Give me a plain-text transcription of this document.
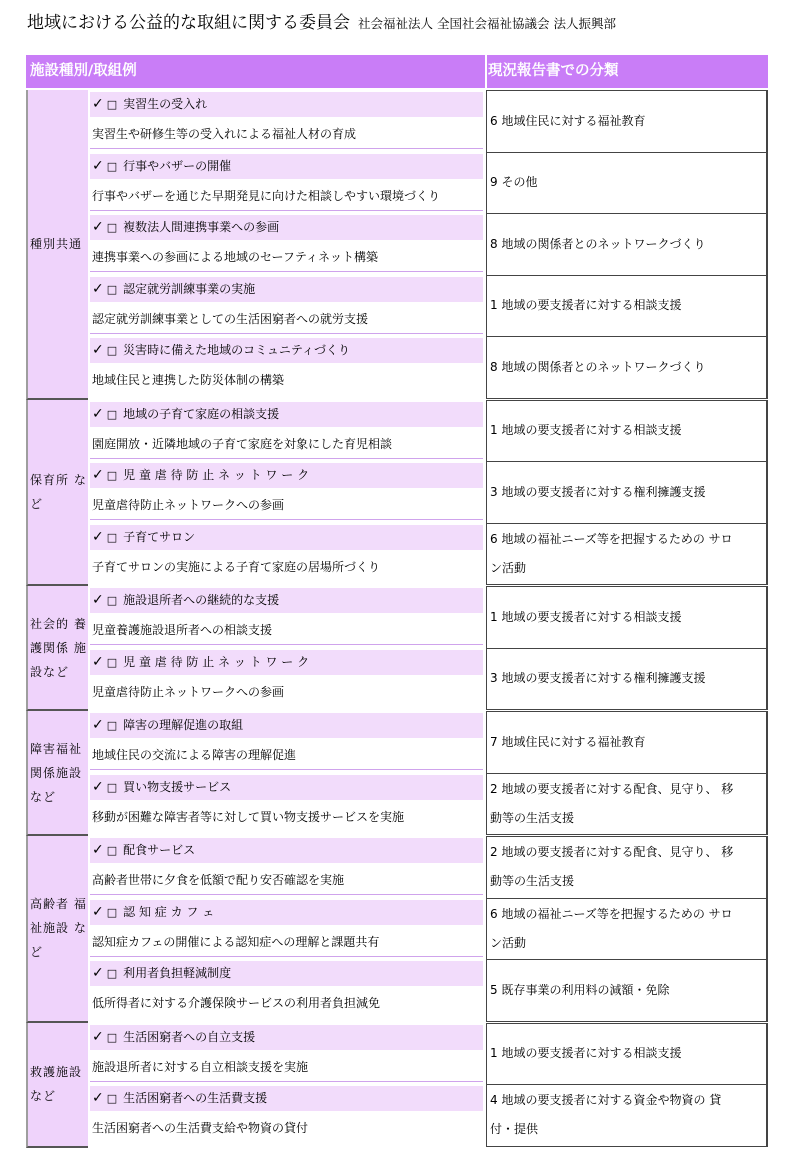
地域における公益的な取組に関する委員会 社会福祉法人 全国社会福祉協議会 法人振興部
施設種別/取組例	現況報告書での分類
種別共通
✓ □ 実習生の受入れ
実習生や研修生等の受入れによる福祉人材の育成
✓ □ 行事やバザーの開催
行事やバザーを通じた早期発見に向けた相談しやすい環境づくり
✓ □ 複数法人間連携事業への参画
連携事業への参画による地域のセーフティネット構築
✓ □ 認定就労訓練事業の実施
認定就労訓練事業としての生活困窮者への就労支援
✓ □ 災害時に備えた地域のコミュニティづくり
地域住民と連携した防災体制の構築
6 地域住民に対する福祉教育
9 その他
8 地域の関係者とのネットワークづくり
1 地域の要支援者に対する相談支援
8 地域の関係者とのネットワークづくり
保育所 な
ど
✓ □ 地域の子育て家庭の相談支援
園庭開放・近隣地域の子育て家庭を対象にした育児相談
✓ □ 児 童 虐 待 防 止 ネ ッ ト ワ ー ク
児童虐待防止ネットワークへの参画
✓ □ 子育てサロン
子育てサロンの実施による子育て家庭の居場所づくり
1 地域の要支援者に対する相談支援
3 地域の要支援者に対する権利擁護支援
6 地域の福祉ニーズ等を把握するための サロ
ン活動
社会的 養
護関係 施
設など
✓ □ 施設退所者への継続的な支援
児童養護施設退所者への相談支援
✓ □ 児 童 虐 待 防 止 ネ ッ ト ワ ー ク
児童虐待防止ネットワークへの参画
1 地域の要支援者に対する相談支援
3 地域の要支援者に対する権利擁護支援
障害福祉
関係施設
など
✓ □ 障害の理解促進の取組
地域住民の交流による障害の理解促進
✓ □ 買い物支援サービス
移動が困難な障害者等に対して買い物支援サービスを実施
7 地域住民に対する福祉教育
2 地域の要支援者に対する配食、見守り、 移
動等の生活支援
高齢者 福
祉施設 な
ど
✓ □ 配食サービス
高齢者世帯に夕食を低額で配り安否確認を実施
✓ □ 認 知 症 カ フ ェ
認知症カフェの開催による認知症への理解と課題共有
✓ □ 利用者負担軽減制度
低所得者に対する介護保険サービスの利用者負担減免
2 地域の要支援者に対する配食、見守り、 移
動等の生活支援
6 地域の福祉ニーズ等を把握するための サロ
ン活動
5 既存事業の利用料の減額・免除
救護施設
など
✓ □ 生活困窮者への自立支援
施設退所者に対する自立相談支援を実施
✓ □ 生活困窮者への生活費支援
生活困窮者への生活費支給や物資の貸付
1 地域の要支援者に対する相談支援
4 地域の要支援者に対する資金や物資の 貸
付・提供
